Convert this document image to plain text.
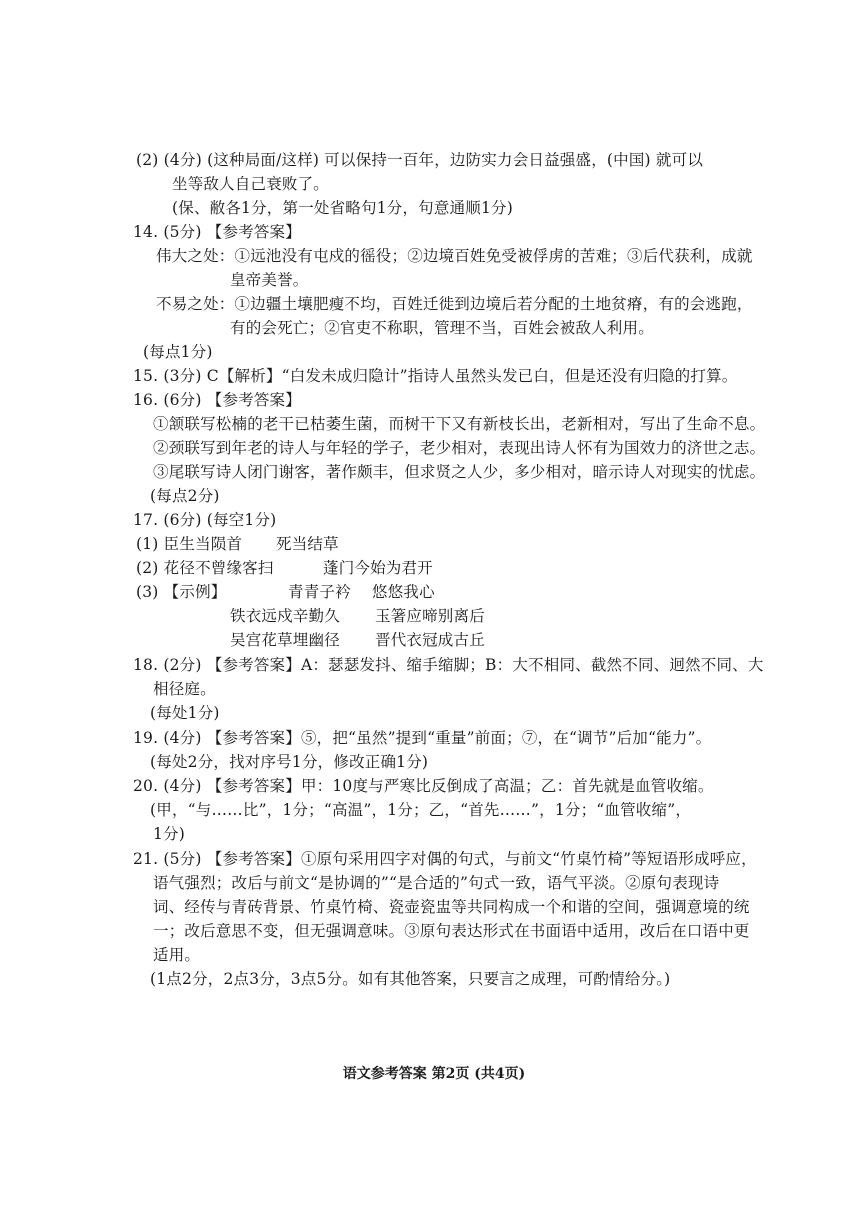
(2) (4分) (这种局面/这样) 可以保持一百年，边防实力会日益强盛，(中国) 就可以
坐等敌人自己衰败了。
(保、敝各1分，第一处省略句1分，句意通顺1分)
14. (5分) 【参考答案】
伟大之处：①远池没有屯戍的徭役；②边境百姓免受被俘虏的苦难；③后代获利，成就
皇帝美誉。
不易之处：①边疆土壤肥瘦不均，百姓迁徙到边境后若分配的土地贫瘠，有的会逃跑，
有的会死亡；②官吏不称职，管理不当，百姓会被敌人利用。
(每点1分)
15. (3分) C【解析】“白发未成归隐计”指诗人虽然头发已白，但是还没有归隐的打算。
16. (6分) 【参考答案】
①颔联写松楠的老干已枯萎生菌，而树干下又有新枝长出，老新相对，写出了生命不息。
②颈联写到年老的诗人与年轻的学子，老少相对，表现出诗人怀有为国效力的济世之志。
③尾联写诗人闭门谢客，著作颇丰，但求贤之人少，多少相对，暗示诗人对现实的忧虑。
(每点2分)
17. (6分) (每空1分)
(1) 臣生当陨首 死当结草
(2) 花径不曾缘客扫	蓬门今始为君开
(3) 【示例】	青青子衿 悠悠我心
铁衣远戍辛勤久 玉箸应啼别离后
吴宫花草埋幽径 晋代衣冠成古丘
18. (2分) 【参考答案】A：瑟瑟发抖、缩手缩脚；B：大不相同、截然不同、迥然不同、大
相径庭。
(每处1分)
19. (4分) 【参考答案】⑤，把“虽然”提到“重量”前面；⑦，在“调节”后加“能力”。
(每处2分，找对序号1分，修改正确1分)
20. (4分) 【参考答案】甲：10度与严寒比反倒成了高温；乙：首先就是血管收缩。
(甲，“与……比”，1分；“高温”，1分；乙，“首先……”，1分；“血管收缩”，
1分)
21. (5分) 【参考答案】①原句采用四字对偶的句式，与前文“竹桌竹椅”等短语形成呼应，
语气强烈；改后与前文“是协调的”“是合适的”句式一致，语气平淡。②原句表现诗
词、经传与青砖背景、竹桌竹椅、瓷壶瓷盅等共同构成一个和谐的空间，强调意境的统
一；改后意思不变，但无强调意味。③原句表达形式在书面语中适用，改后在口语中更
适用。
(1点2分，2点3分，3点5分。如有其他答案，只要言之成理，可酌情给分。)
语文参考答案 第2页 (共4页)
